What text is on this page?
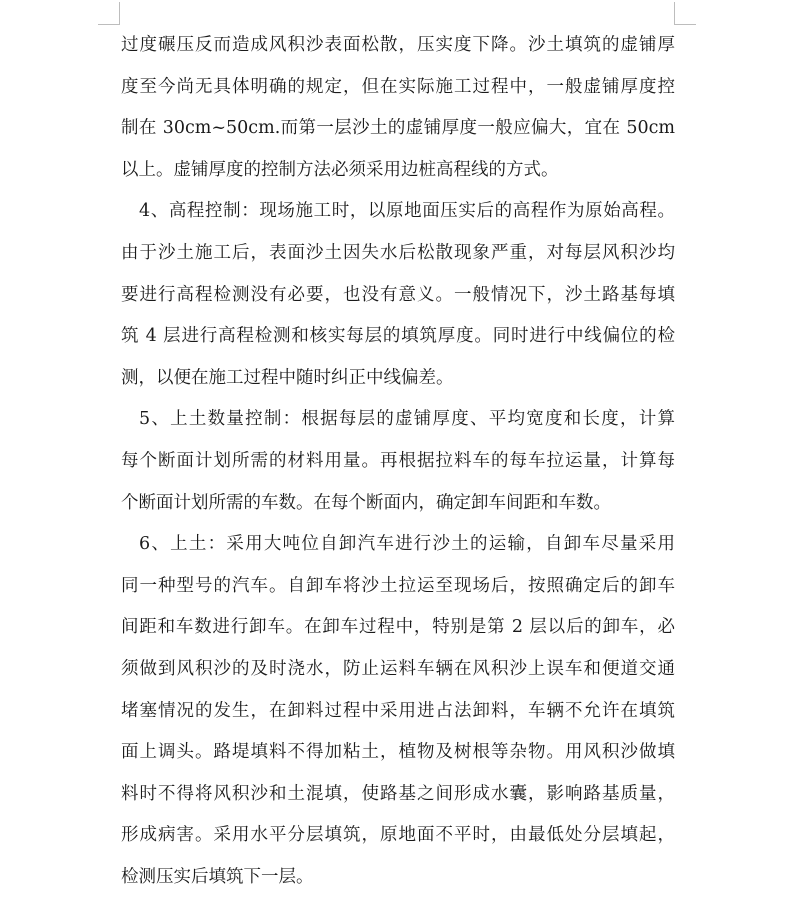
过度碾压反而造成风积沙表面松散，压实度下降。沙土填筑的虚铺厚
度至今尚无具体明确的规定，但在实际施工过程中，一般虚铺厚度控
制在 30cm~50cm.而第一层沙土的虚铺厚度一般应偏大，宜在 50cm
以上。虚铺厚度的控制方法必须采用边桩高程线的方式。
4、高程控制：现场施工时，以原地面压实后的高程作为原始高程。
由于沙土施工后，表面沙土因失水后松散现象严重，对每层风积沙均
要进行高程检测没有必要，也没有意义。一般情况下，沙土路基每填
筑 4 层进行高程检测和核实每层的填筑厚度。同时进行中线偏位的检
测，以便在施工过程中随时纠正中线偏差。
5、上土数量控制：根据每层的虚铺厚度、平均宽度和长度，计算
每个断面计划所需的材料用量。再根据拉料车的每车拉运量，计算每
个断面计划所需的车数。在每个断面内，确定卸车间距和车数。
6、上土：采用大吨位自卸汽车进行沙土的运输，自卸车尽量采用
同一种型号的汽车。自卸车将沙土拉运至现场后，按照确定后的卸车
间距和车数进行卸车。在卸车过程中，特别是第 2 层以后的卸车，必
须做到风积沙的及时浇水，防止运料车辆在风积沙上误车和便道交通
堵塞情况的发生，在卸料过程中采用进占法卸料，车辆不允许在填筑
面上调头。路堤填料不得加粘土，植物及树根等杂物。用风积沙做填
料时不得将风积沙和土混填，使路基之间形成水囊，影响路基质量，
形成病害。采用水平分层填筑，原地面不平时，由最低处分层填起，
检测压实后填筑下一层。
